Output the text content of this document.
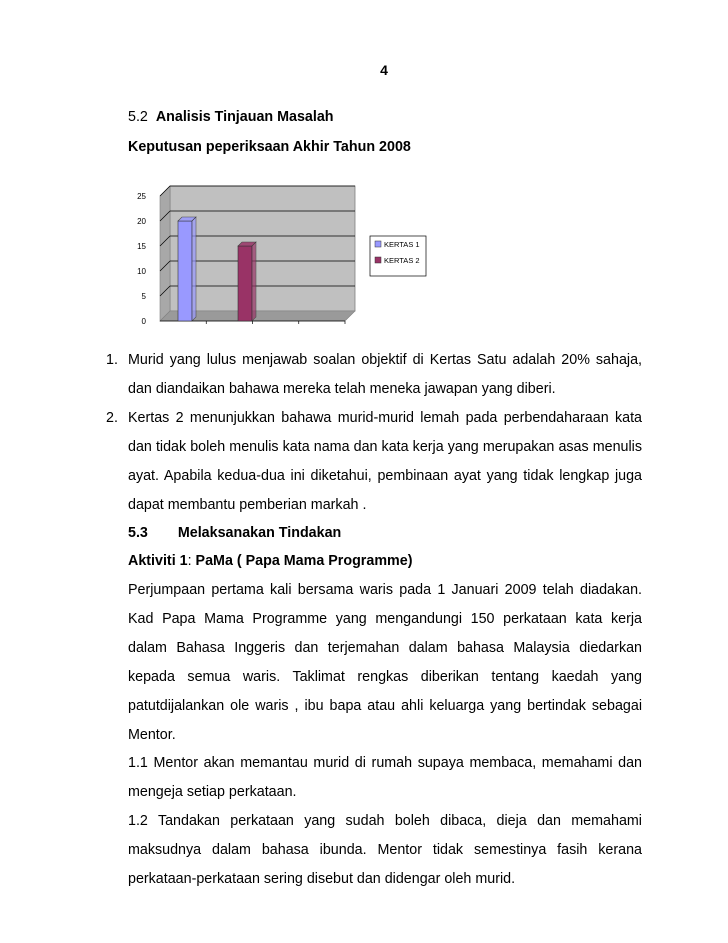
4
5.2 Analisis Tinjauan Masalah
Keputusan peperiksaan Akhir Tahun 2008
0
5
10
15
20
25
KERTAS 1
KERTAS 2
1. Murid yang lulus menjawab soalan objektif di Kertas Satu adalah 20% sahaja,
dan diandaikan bahawa mereka telah meneka jawapan yang diberi.
2. Kertas 2 menunjukkan bahawa murid-murid lemah pada perbendaharaan kata
dan tidak boleh menulis kata nama dan kata kerja yang merupakan asas menulis
ayat. Apabila kedua-dua ini diketahui, pembinaan ayat yang tidak lengkap juga
dapat membantu pemberian markah .
5.3 Melaksanakan Tindakan
Aktiviti 1: PaMa ( Papa Mama Programme)
Perjumpaan pertama kali bersama waris pada 1 Januari 2009 telah diadakan.
Kad Papa Mama Programme yang mengandungi 150 perkataan kata kerja
dalam Bahasa Inggeris dan terjemahan dalam bahasa Malaysia diedarkan
kepada semua waris. Taklimat rengkas diberikan tentang kaedah yang
patutdijalankan ole waris , ibu bapa atau ahli keluarga yang bertindak sebagai
Mentor.
1.1 Mentor akan memantau murid di rumah supaya membaca, memahami dan
mengeja setiap perkataan.
1.2 Tandakan perkataan yang sudah boleh dibaca, dieja dan memahami
maksudnya dalam bahasa ibunda. Mentor tidak semestinya fasih kerana
perkataan-perkataan sering disebut dan didengar oleh murid.
